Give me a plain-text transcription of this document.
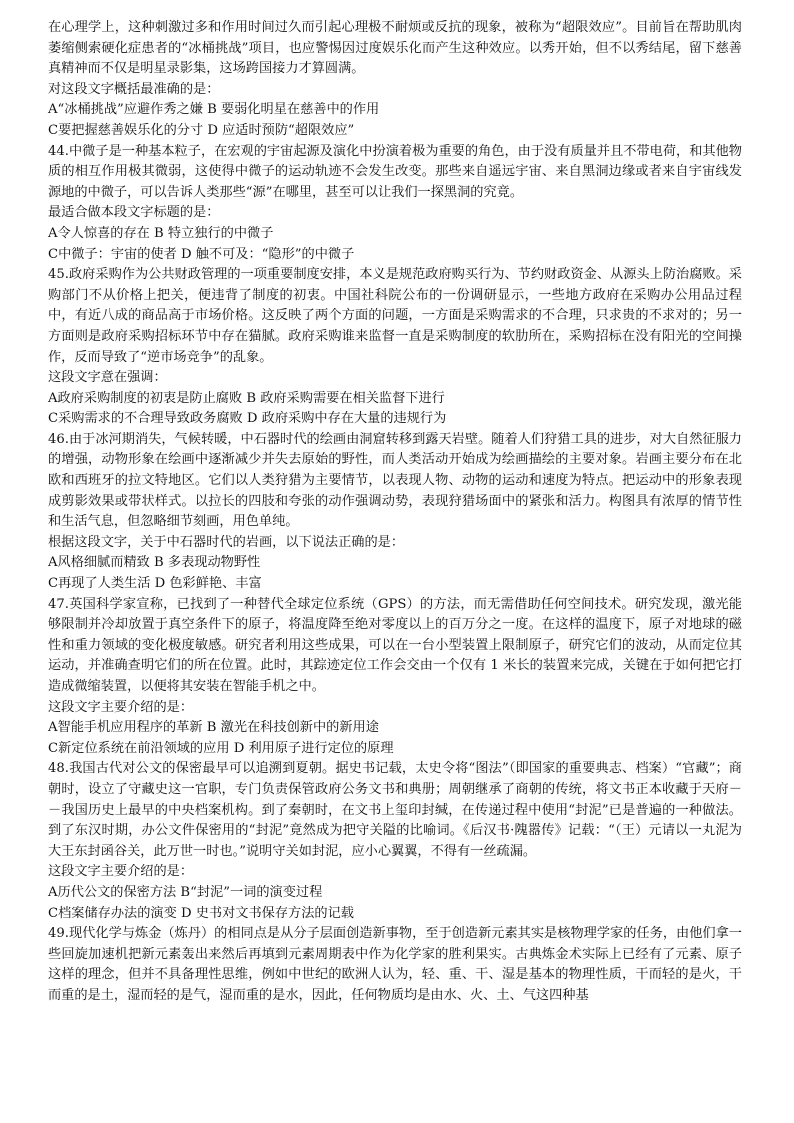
在心理学上，这种刺激过多和作用时间过久而引起心理极不耐烦或反抗的现象，被称为“超限效应”。目前旨在帮助肌肉萎缩侧索硬化症患者的“冰桶挑战”项目，也应警惕因过度娱乐化而产生这种效应。以秀开始，但不以秀结尾，留下慈善真精神而不仅是明星录影集，这场跨国接力才算圆满。

对这段文字概括最准确的是：

A“冰桶挑战”应避作秀之嫌 B 要弱化明星在慈善中的作用

C要把握慈善娱乐化的分寸 D 应适时预防“超限效应”

44.中微子是一种基本粒子，在宏观的宇宙起源及演化中扮演着极为重要的角色，由于没有质量并且不带电荷，和其他物质的相互作用极其微弱，这使得中微子的运动轨迹不会发生改变。那些来自遥远宇宙、来自黑洞边缘或者来自宇宙线发源地的中微子，可以告诉人类那些“源”在哪里，甚至可以让我们一探黑洞的究竟。

最适合做本段文字标题的是：

A令人惊喜的存在 B 特立独行的中微子

C中微子：宇宙的使者 D 触不可及：“隐形”的中微子

45.政府采购作为公共财政管理的一项重要制度安排，本义是规范政府购买行为、节约财政资金、从源头上防治腐败。采购部门不从价格上把关，便违背了制度的初衷。中国社科院公布的一份调研显示，一些地方政府在采购办公用品过程中，有近八成的商品高于市场价格。这反映了两个方面的问题，一方面是采购需求的不合理，只求贵的不求对的；另一方面则是政府采购招标环节中存在猫腻。政府采购谁来监督一直是采购制度的软肋所在，采购招标在没有阳光的空间操作，反而导致了“逆市场竞争”的乱象。

这段文字意在强调：

A政府采购制度的初衷是防止腐败 B 政府采购需要在相关监督下进行

C采购需求的不合理导致政务腐败 D 政府采购中存在大量的违规行为

46.由于冰河期消失，气候转暖，中石器时代的绘画由洞窟转移到露天岩壁。随着人们狩猎工具的进步，对大自然征服力的增强，动物形象在绘画中逐渐减少并失去原始的野性，而人类活动开始成为绘画描绘的主要对象。岩画主要分布在北欧和西班牙的拉文特地区。它们以人类狩猎为主要情节，以表现人物、动物的运动和速度为特点。把运动中的形象表现成剪影效果或带状样式。以拉长的四肢和夸张的动作强调动势，表现狩猎场面中的紧张和活力。构图具有浓厚的情节性和生活气息，但忽略细节刻画，用色单纯。

根据这段文字，关于中石器时代的岩画，以下说法正确的是：

A风格细腻而精致 B 多表现动物野性

C再现了人类生活 D 色彩鲜艳、丰富

47.英国科学家宣称，已找到了一种替代全球定位系统（GPS）的方法，而无需借助任何空间技术。研究发现，激光能够限制并冷却放置于真空条件下的原子，将温度降至绝对零度以上的百万分之一度。在这样的温度下，原子对地球的磁性和重力领域的变化极度敏感。研究者利用这些成果，可以在一台小型装置上限制原子，研究它们的波动，从而定位其运动，并准确查明它们的所在位置。此时，其踪迹定位工作会交由一个仅有 1 米长的装置来完成，关键在于如何把它打造成微缩装置，以便将其安装在智能手机之中。

这段文字主要介绍的是：

A智能手机应用程序的革新 B 激光在科技创新中的新用途

C新定位系统在前沿领域的应用 D 利用原子进行定位的原理

48.我国古代对公文的保密最早可以追溯到夏朝。据史书记载，太史令将“图法”（即国家的重要典志、档案）“官藏”；商朝时，设立了守藏史这一官职，专门负责保管政府公务文书和典册；周朝继承了商朝的传统，将文书正本收藏于天府－－我国历史上最早的中央档案机构。到了秦朝时，在文书上玺印封缄，在传递过程中使用“封泥”已是普遍的一种做法。到了东汉时期，办公文件保密用的“封泥”竟然成为把守关隘的比喻词。《后汉书·隗嚣传》记载：“（王）元请以一丸泥为大王东封函谷关，此万世一时也。”说明守关如封泥，应小心翼翼，不得有一丝疏漏。

这段文字主要介绍的是：

A历代公文的保密方法 B“封泥”一词的演变过程

C档案储存办法的演变 D 史书对文书保存方法的记载

49.现代化学与炼金（炼丹）的相同点是从分子层面创造新事物，至于创造新元素其实是核物理学家的任务，由他们拿一些回旋加速机把新元素轰出来然后再填到元素周期表中作为化学家的胜利果实。古典炼金术实际上已经有了元素、原子这样的理念，但并不具备理性思维，例如中世纪的欧洲人认为，轻、重、干、湿是基本的物理性质，干而轻的是火，干而重的是土，湿而轻的是气，湿而重的是水，因此，任何物质均是由水、火、土、气这四种基
